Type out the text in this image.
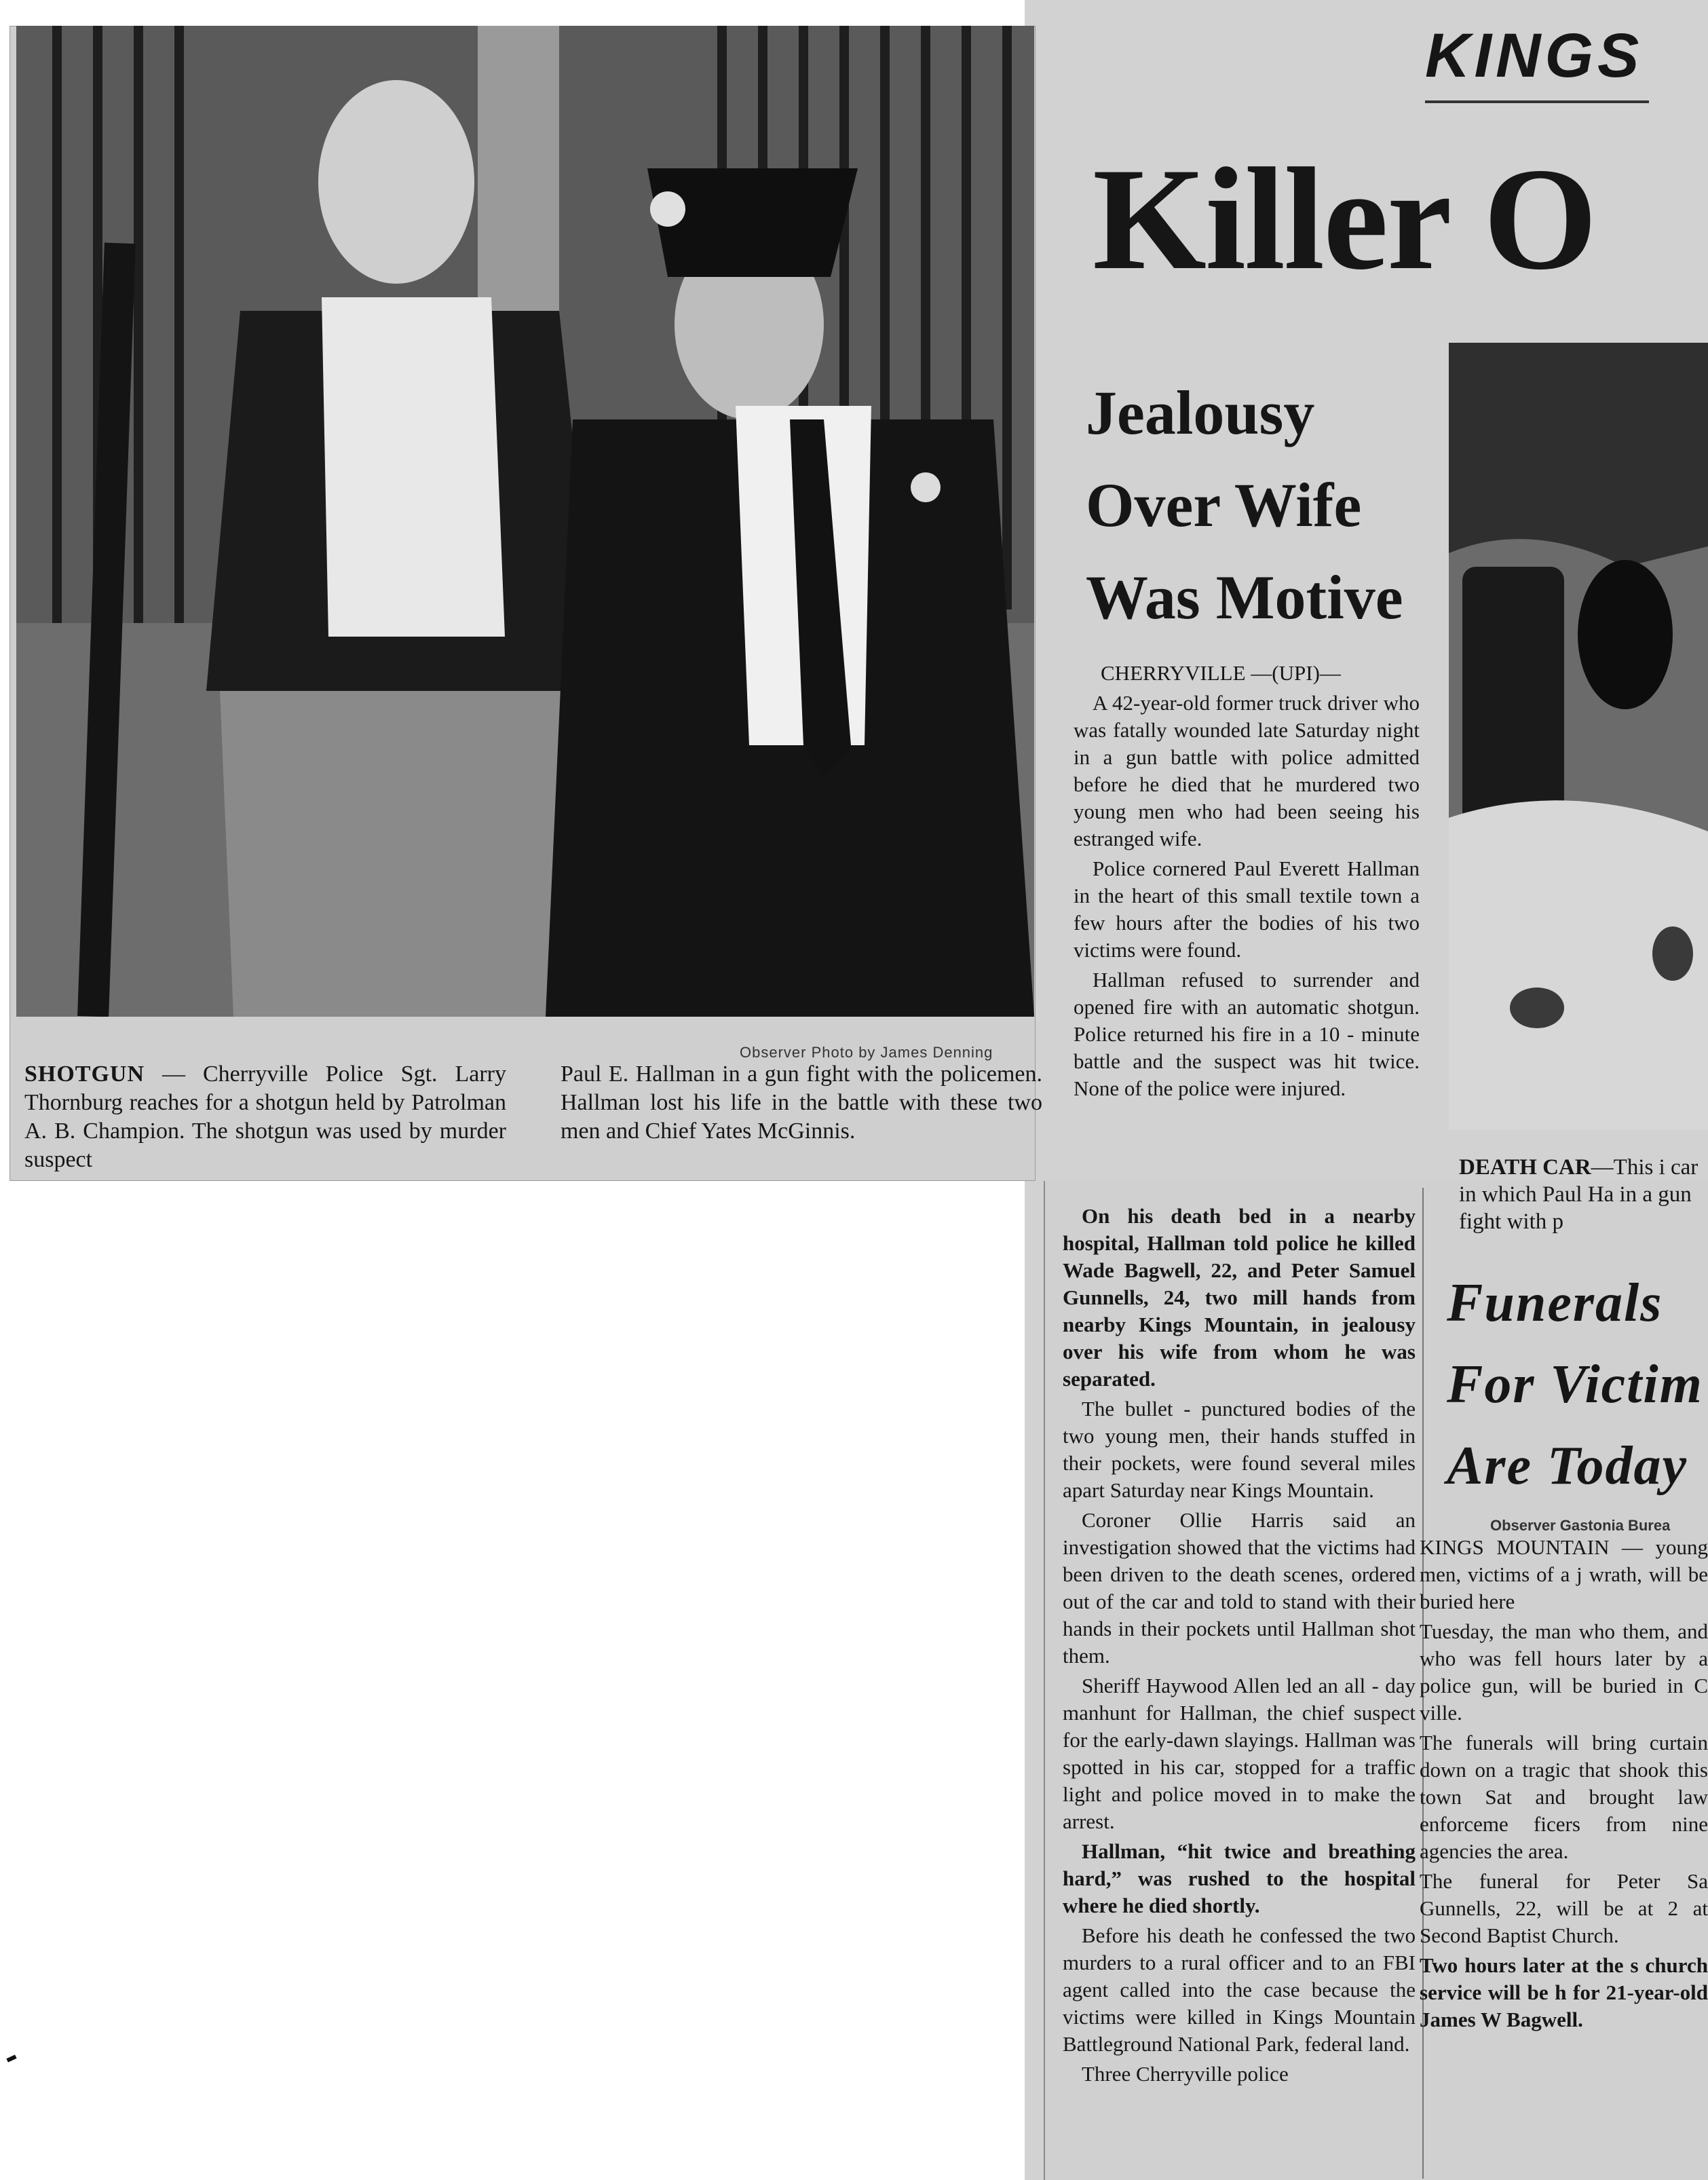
Observer Photo by James Denning
SHOTGUN — Cherryville Police Sgt. Larry Thornburg reaches for a shotgun held by Patrolman A. B. Champion. The shotgun was used by murder suspect
Paul E. Hallman in a gun fight with the policemen. Hallman lost his life in the battle with these two men and Chief Yates McGinnis.
KINGS
Killer O
Jealousy
Over Wife
Was Motive

CHERRYVILLE —(UPI)—

A 42-year-old former truck driver who was fatally wounded late Saturday night in a gun battle with police admitted before he died that he murdered two young men who had been seeing his estranged wife.

Police cornered Paul Everett Hallman in the heart of this small textile town a few hours after the bodies of his two victims were found.

Hallman refused to surrender and opened fire with an automatic shotgun. Police returned his fire in a 10 - minute battle and the suspect was hit twice. None of the police were injured.

On his death bed in a nearby hospital, Hallman told police he killed Wade Bagwell, 22, and Peter Samuel Gunnells, 24, two mill hands from nearby Kings Mountain, in jealousy over his wife from whom he was separated.

The bullet - punctured bodies of the two young men, their hands stuffed in their pockets, were found several miles apart Saturday near Kings Mountain.

Coroner Ollie Harris said an investigation showed that the victims had been driven to the death scenes, ordered out of the car and told to stand with their hands in their pockets until Hallman shot them.

Sheriff Haywood Allen led an all - day manhunt for Hallman, the chief suspect for the early-dawn slayings. Hallman was spotted in his car, stopped for a traffic light and police moved in to make the arrest.

Hallman, “hit twice and breathing hard,” was rushed to the hospital where he died shortly.

Before his death he confessed the two murders to a rural officer and to an FBI agent called into the case because the victims were killed in Kings Mountain Battleground National Park, federal land.

Three Cherryville police

DEATH CAR—This i car in which Paul Ha in a gun fight with p
Funerals
For Victim
Are Today
Observer Gastonia Burea

KINGS MOUNTAIN — young men, victims of a j wrath, will be buried here

Tuesday, the man who them, and who was fell hours later by a police gun, will be buried in C ville.

The funerals will bring curtain down on a tragic that shook this town Sat and brought law enforceme ficers from nine agencies the area.

The funeral for Peter Sa Gunnells, 22, will be at 2 at Second Baptist Church.

Two hours later at the s church service will be h for 21-year-old James W Bagwell.
